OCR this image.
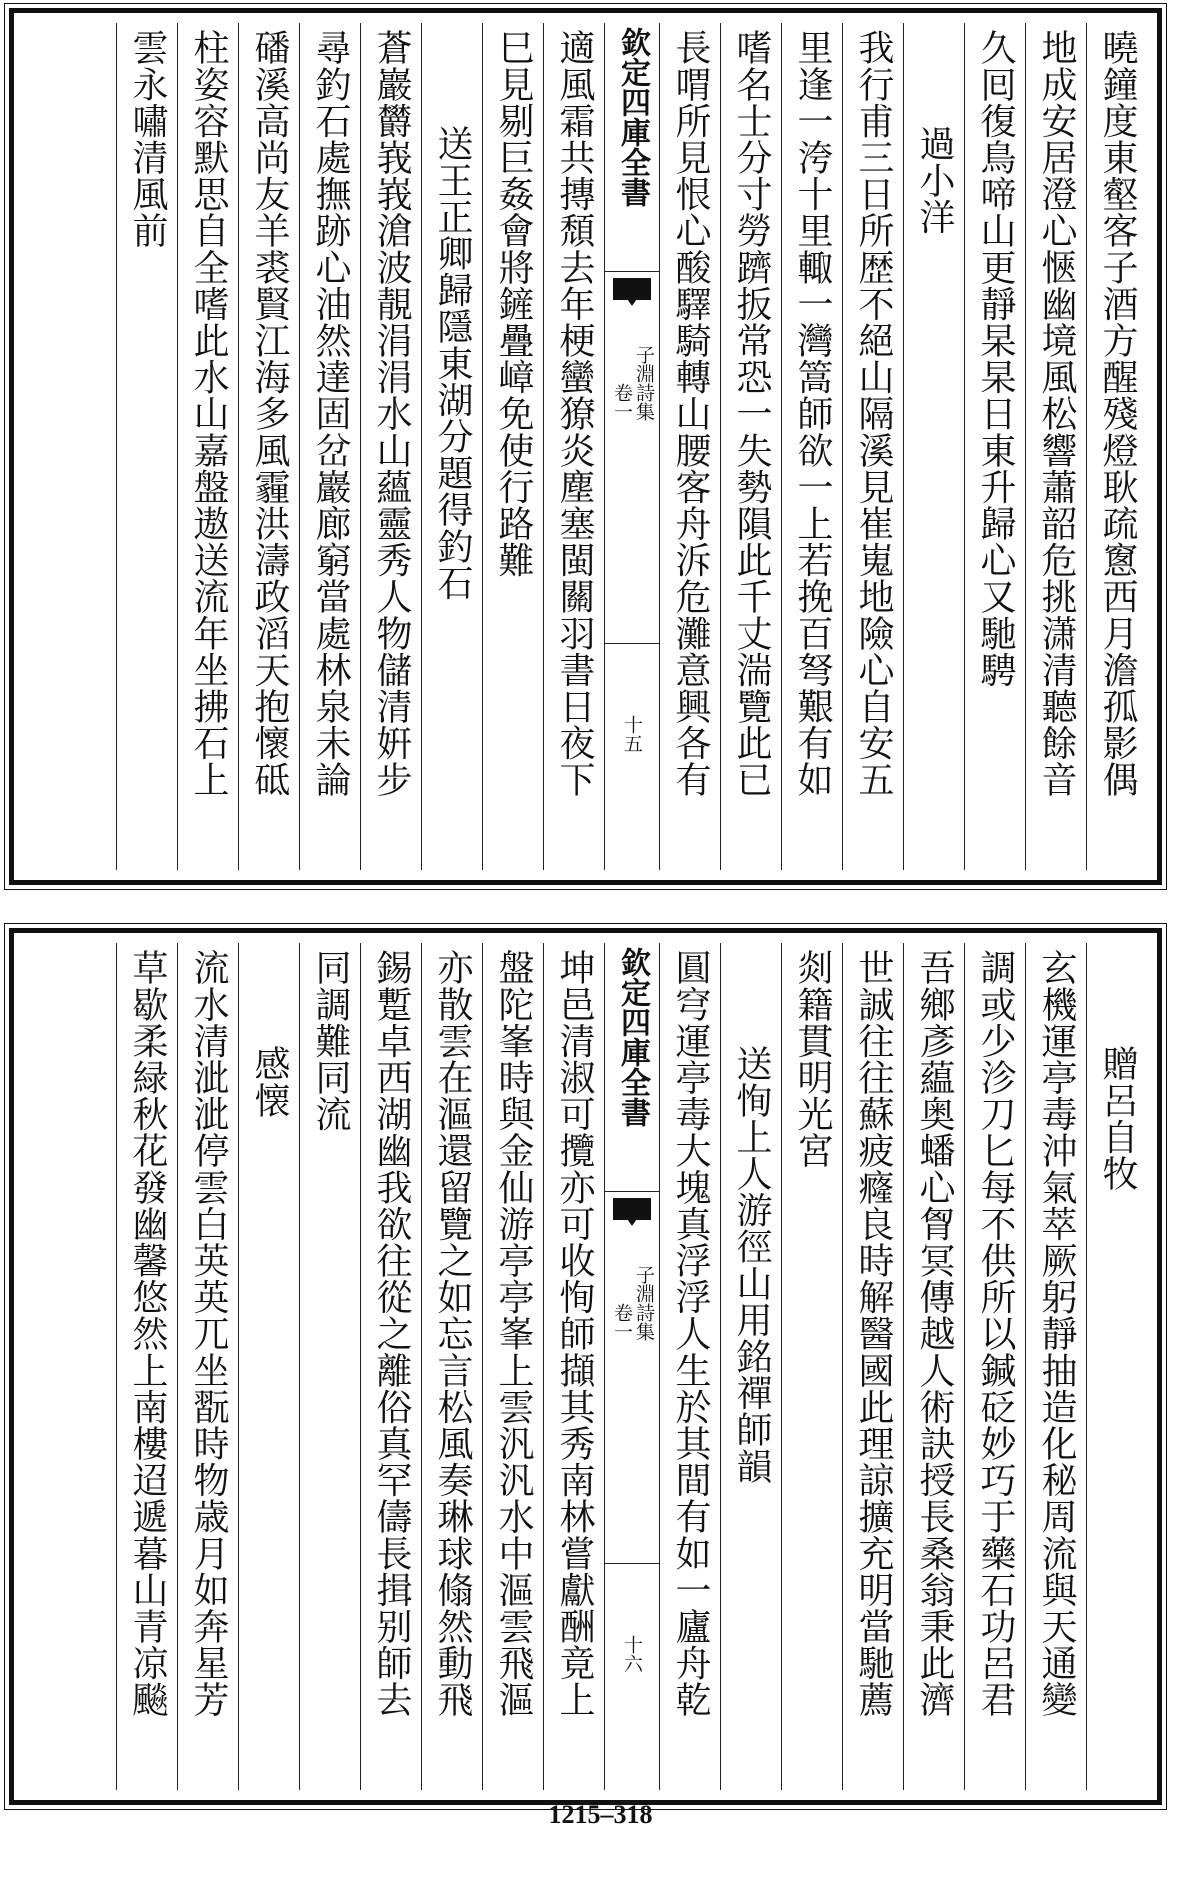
曉鐘度東壑客子酒方醒殘燈耿疏窻西月澹孤影偶
地成安居澄心愜幽境風松響蕭韶危挑潇清聽餘音
久囘復鳥啼山更靜杲杲日東升歸心又馳騁
過小洋
我行甫三日所歴不絕山隔溪見崔嵬地險心自安五
里逢一洿十里輙一灣篙師欲一上若挽百弩艱有如
嗜名士分寸勞躋扳常恐一失勢隕此千丈湍覽此已
長喟所見恨心酸驛騎轉山腰客舟泝危灘意興各有
欽定四庫全書
子淵詩集
卷一
十五
適風霜共摶頹去年梗蠻獠炎塵塞閩關羽書日夜下
巳見剔巨姦會將鏟疊嶂免使行路難
送王正卿歸隱東湖分題得釣石
蒼巖欝峩峩滄波靚涓涓水山蘊靈秀人物儲清姸步
尋釣石處撫跡心油然達固岔巖廊窮當處林泉未論
磻溪高尚友羊裘賢江海多風霾洪濤政滔天抱懷砥
柱姿容默思自全嗜此水山嘉盤遨送流年坐拂石上
雲永嘯清風前
贈呂自牧
玄機運亭毒沖氣萃厥躬靜抽造化秘周流與天通變
調或少沴刀匕每不供所以鍼砭妙巧于藥石功呂君
吾鄉彥藴奥蟠心胷冥傳越人術訣授長桑翁秉此濟
世誠往往蘇疲癃良時解醫國此理諒擴充明當馳薦
剡籍貫明光宮
送恂上人游徑山用銘禪師韻
圓穹運亭毒大塊真浮浮人生於其間有如一廬舟乾
欽定四庫全書
子淵詩集
卷一
十六
坤邑清淑可攬亦可收恂師擷其秀南林嘗獻酬竟上
盤陀峯時與金仙游亭亭峯上雲汎汎水中漚雲飛漚
亦散雲在漚還留覽之如忘言松風奏琳球翛然動飛
錫蹔卓西湖幽我欲往從之離俗真罕儔長揖别師去
同調難同流
感懐
流水清泚泚停雲白英英兀坐翫時物歳月如奔星芳
草歇柔緑秋花發幽馨悠然上南樓迢遞暮山青凉飈
1215–318
